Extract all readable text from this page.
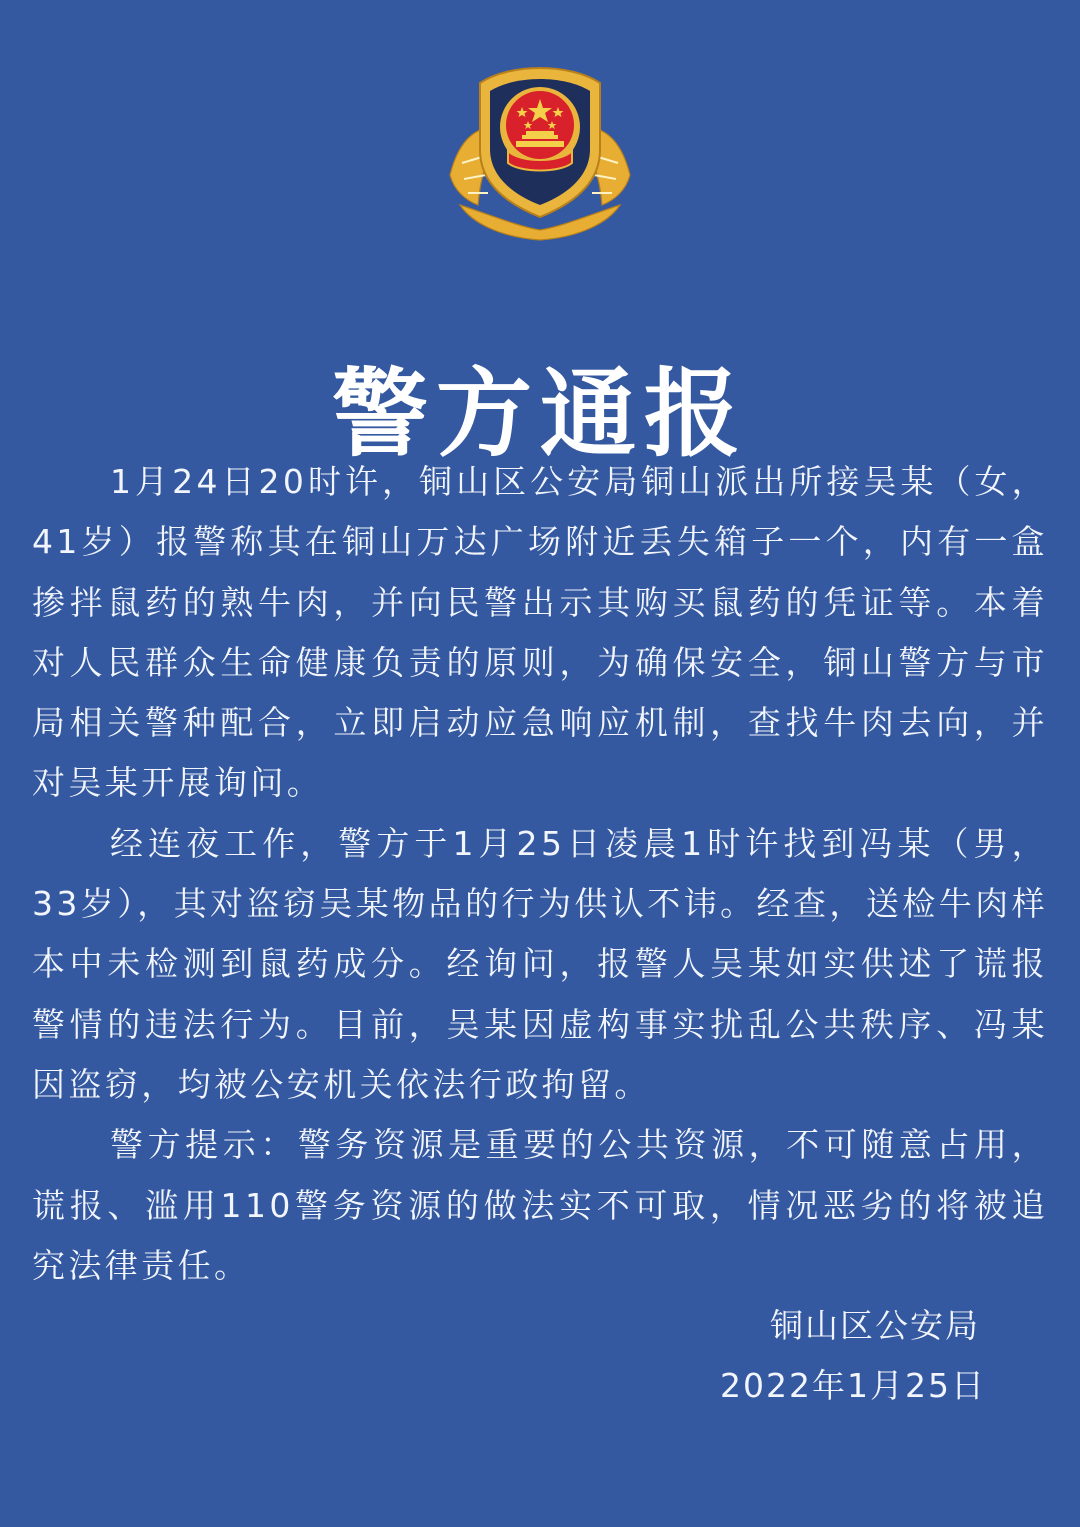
警方通报

1月24日20时许，铜山区公安局铜山派出所接吴某（女，41岁）报警称其在铜山万达广场附近丢失箱子一个，内有一盒掺拌鼠药的熟牛肉，并向民警出示其购买鼠药的凭证等。本着对人民群众生命健康负责的原则，为确保安全，铜山警方与市局相关警种配合，立即启动应急响应机制，查找牛肉去向，并对吴某开展询问。

经连夜工作，警方于1月25日凌晨1时许找到冯某（男，33岁），其对盗窃吴某物品的行为供认不讳。经查，送检牛肉样本中未检测到鼠药成分。经询问，报警人吴某如实供述了谎报警情的违法行为。目前，吴某因虚构事实扰乱公共秩序、冯某因盗窃，均被公安机关依法行政拘留。

警方提示：警务资源是重要的公共资源，不可随意占用，谎报、滥用110警务资源的做法实不可取，情况恶劣的将被追究法律责任。

铜山区公安局
2022年1月25日
